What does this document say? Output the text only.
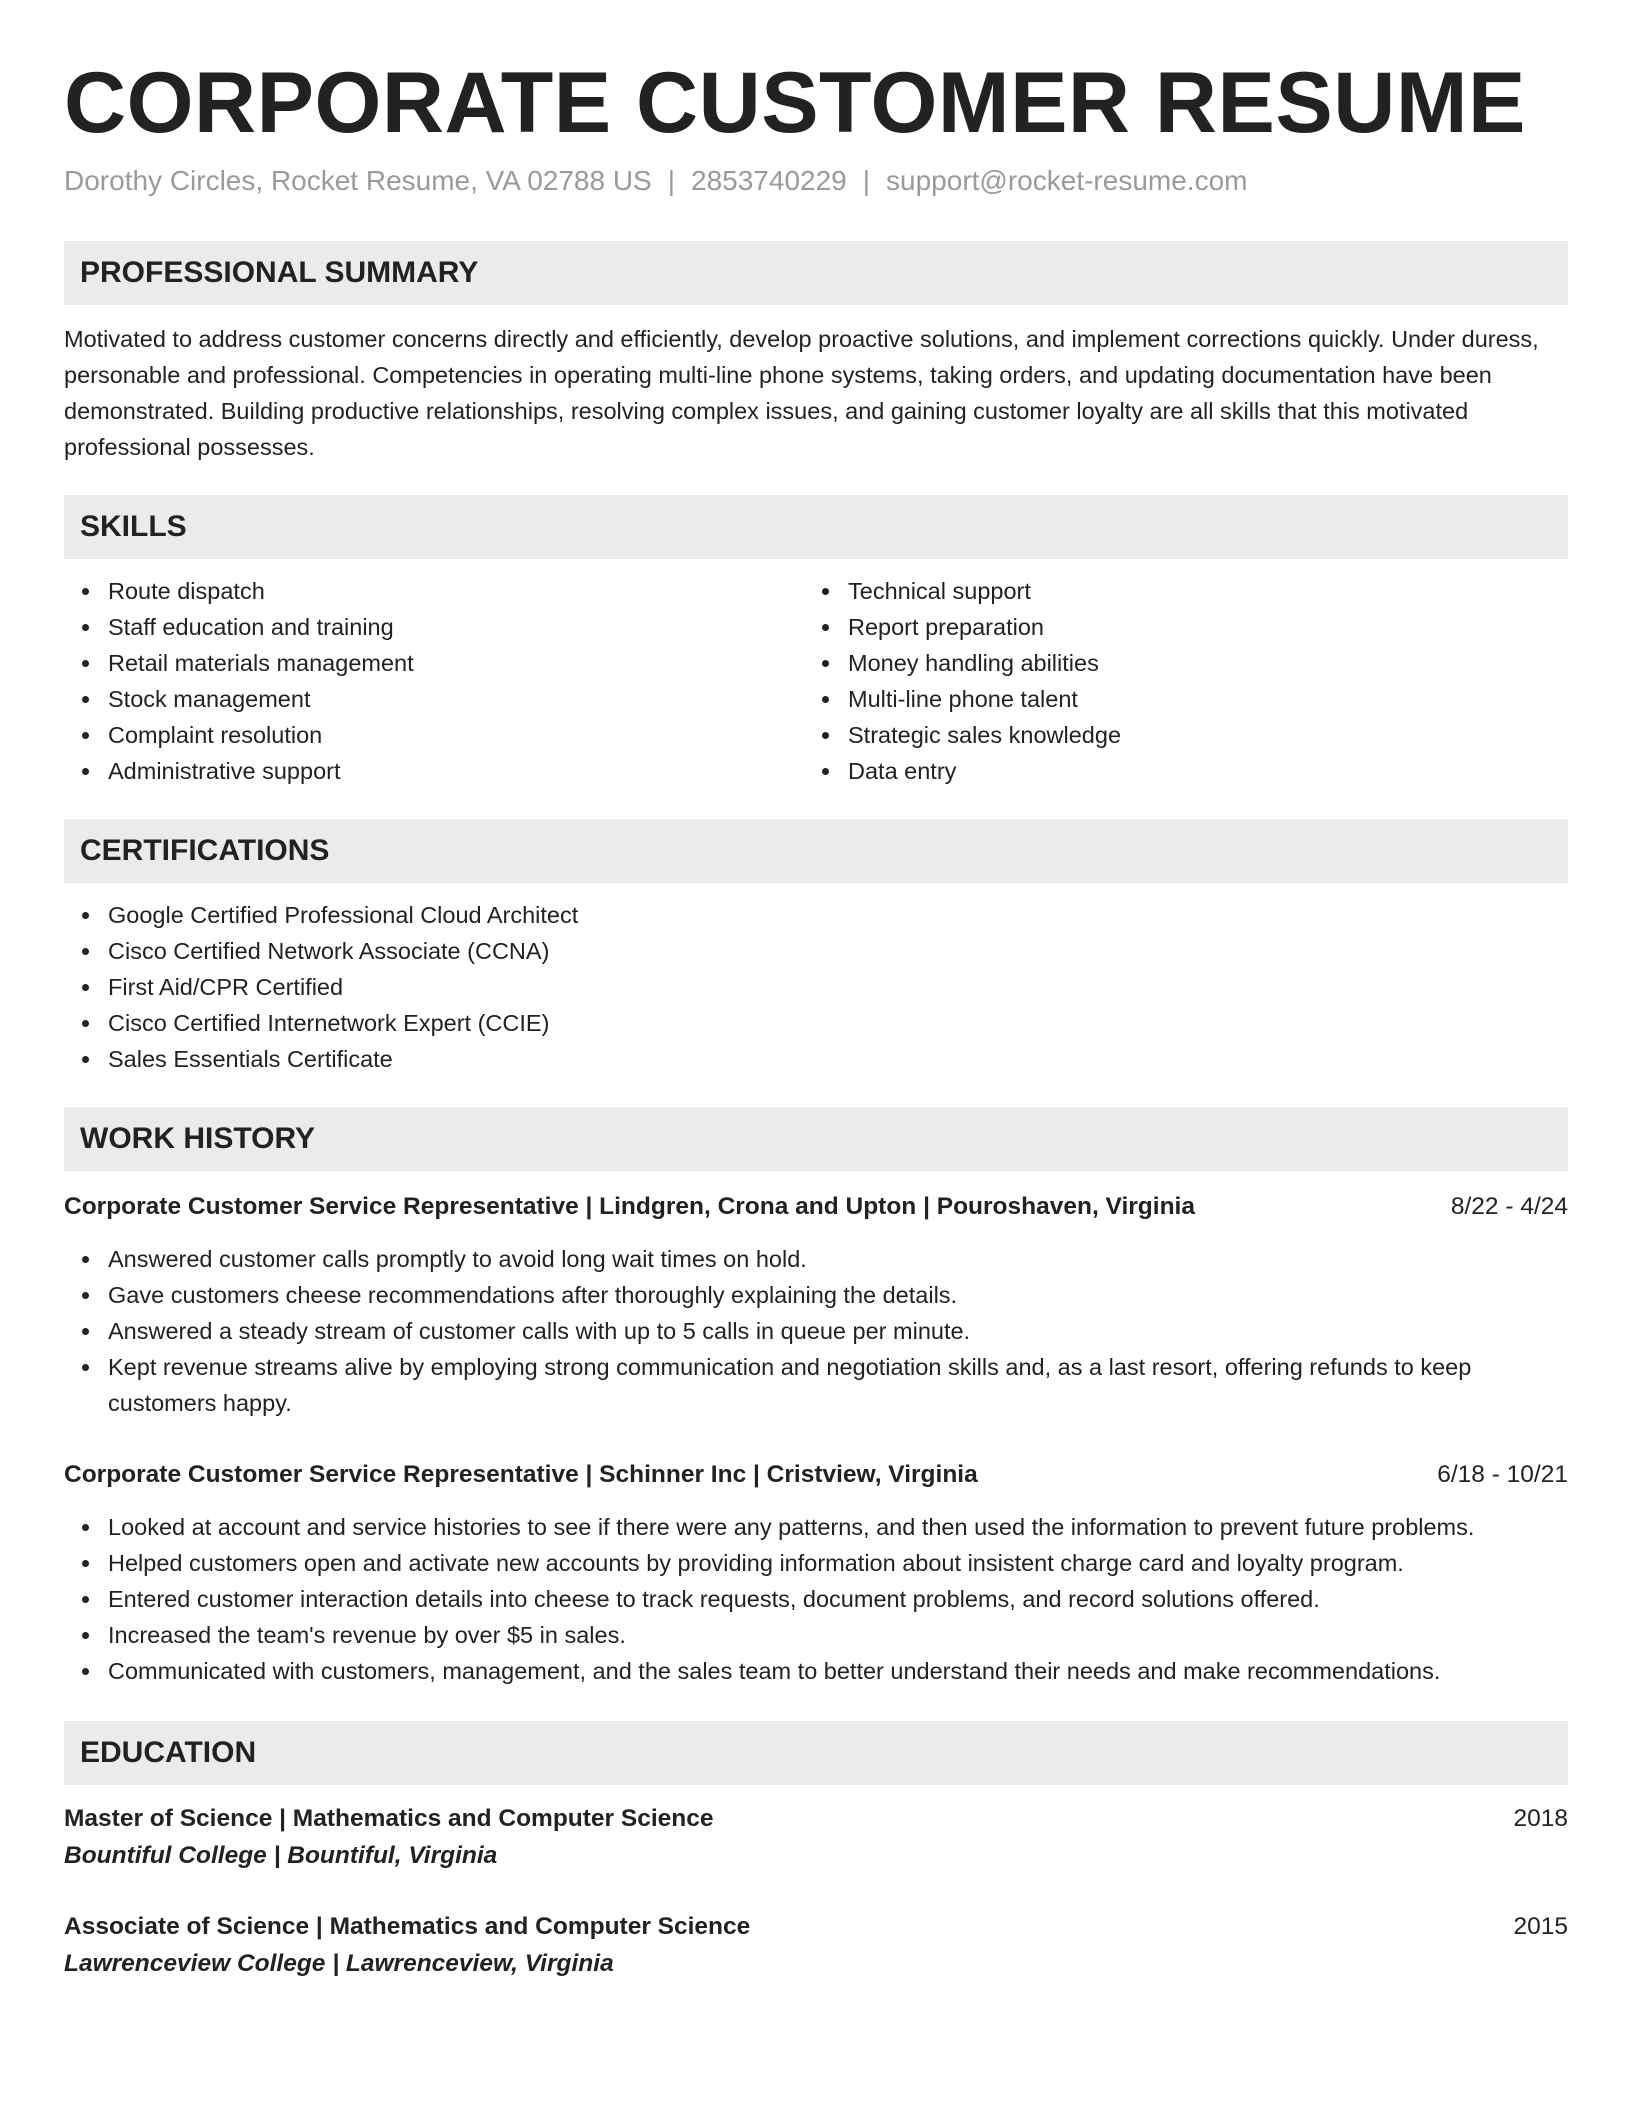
CORPORATE CUSTOMER RESUME
Dorothy Circles, Rocket Resume, VA 02788 US | 2853740229 | support@rocket-resume.com
PROFESSIONAL SUMMARY

Motivated to address customer concerns directly and efficiently, develop proactive solutions, and implement corrections quickly. Under duress, personable and professional. Competencies in operating multi-line phone systems, taking orders, and updating documentation have been demonstrated. Building productive relationships, resolving complex issues, and gaining customer loyalty are all skills that this motivated professional possesses.

SKILLS
Route dispatch
Staff education and training
Retail materials management
Stock management
Complaint resolution
Administrative support
Technical support
Report preparation
Money handling abilities
Multi-line phone talent
Strategic sales knowledge
Data entry
CERTIFICATIONS
Google Certified Professional Cloud Architect
Cisco Certified Network Associate (CCNA)
First Aid/CPR Certified
Cisco Certified Internetwork Expert (CCIE)
Sales Essentials Certificate
WORK HISTORY
Corporate Customer Service Representative | Lindgren, Crona and Upton | Pouroshaven, Virginia	8/22 - 4/24
Answered customer calls promptly to avoid long wait times on hold.
Gave customers cheese recommendations after thoroughly explaining the details.
Answered a steady stream of customer calls with up to 5 calls in queue per minute.
Kept revenue streams alive by employing strong communication and negotiation skills and, as a last resort, offering refunds to keep customers happy.
Corporate Customer Service Representative | Schinner Inc | Cristview, Virginia	6/18 - 10/21
Looked at account and service histories to see if there were any patterns, and then used the information to prevent future problems.
Helped customers open and activate new accounts by providing information about insistent charge card and loyalty program.
Entered customer interaction details into cheese to track requests, document problems, and record solutions offered.
Increased the team's revenue by over $5 in sales.
Communicated with customers, management, and the sales team to better understand their needs and make recommendations.
EDUCATION
Master of Science | Mathematics and Computer Science	2018
Bountiful College | Bountiful, Virginia
Associate of Science | Mathematics and Computer Science	2015
Lawrenceview College | Lawrenceview, Virginia
